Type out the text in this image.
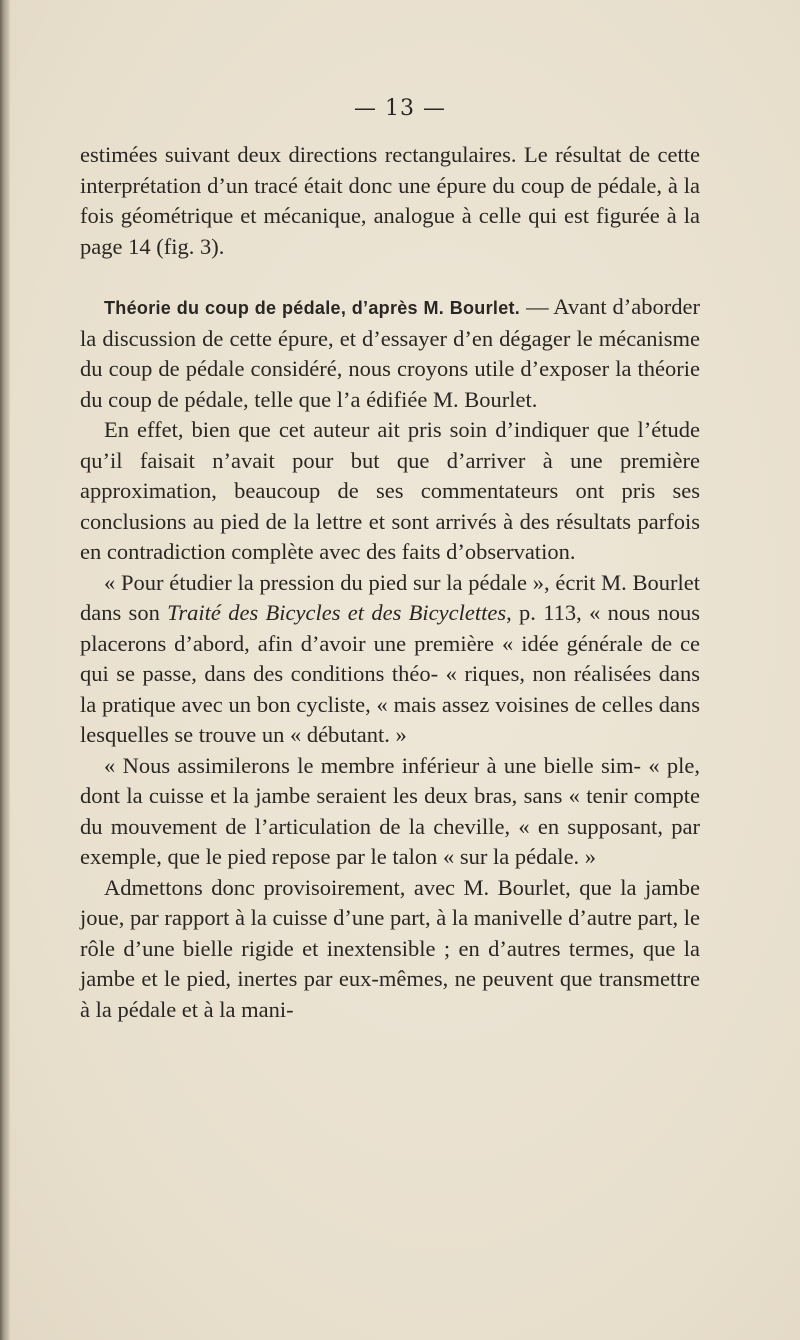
— 13 —

estimées suivant deux directions rectangulaires. Le résultat de cette interprétation d’un tracé était donc une épure du coup de pédale, à la fois géométrique et mécanique, analogue à celle qui est figurée à la page 14 (fig. 3).

Théorie du coup de pédale, d’après M. Bourlet. — Avant d’aborder la discussion de cette épure, et d’essayer d’en dégager le mécanisme du coup de pédale considéré, nous croyons utile d’exposer la théorie du coup de pédale, telle que l’a édifiée M. Bourlet.

En effet, bien que cet auteur ait pris soin d’indiquer que l’étude qu’il faisait n’avait pour but que d’arriver à une première approximation, beaucoup de ses commentateurs ont pris ses conclusions au pied de la lettre et sont arrivés à des résultats parfois en contradiction complète avec des faits d’observation.

« Pour étudier la pression du pied sur la pédale », écrit M. Bourlet dans son Traité des Bicycles et des Bicyclettes, p. 113, « nous nous placerons d’abord, afin d’avoir une première « idée générale de ce qui se passe, dans des conditions théo- « riques, non réalisées dans la pratique avec un bon cycliste, « mais assez voisines de celles dans lesquelles se trouve un « débutant. »

« Nous assimilerons le membre inférieur à une bielle sim- « ple, dont la cuisse et la jambe seraient les deux bras, sans « tenir compte du mouvement de l’articulation de la cheville, « en supposant, par exemple, que le pied repose par le talon « sur la pédale. »

Admettons donc provisoirement, avec M. Bourlet, que la jambe joue, par rapport à la cuisse d’une part, à la manivelle d’autre part, le rôle d’une bielle rigide et inextensible ; en d’autres termes, que la jambe et le pied, inertes par eux-mêmes, ne peuvent que transmettre à la pédale et à la mani-
